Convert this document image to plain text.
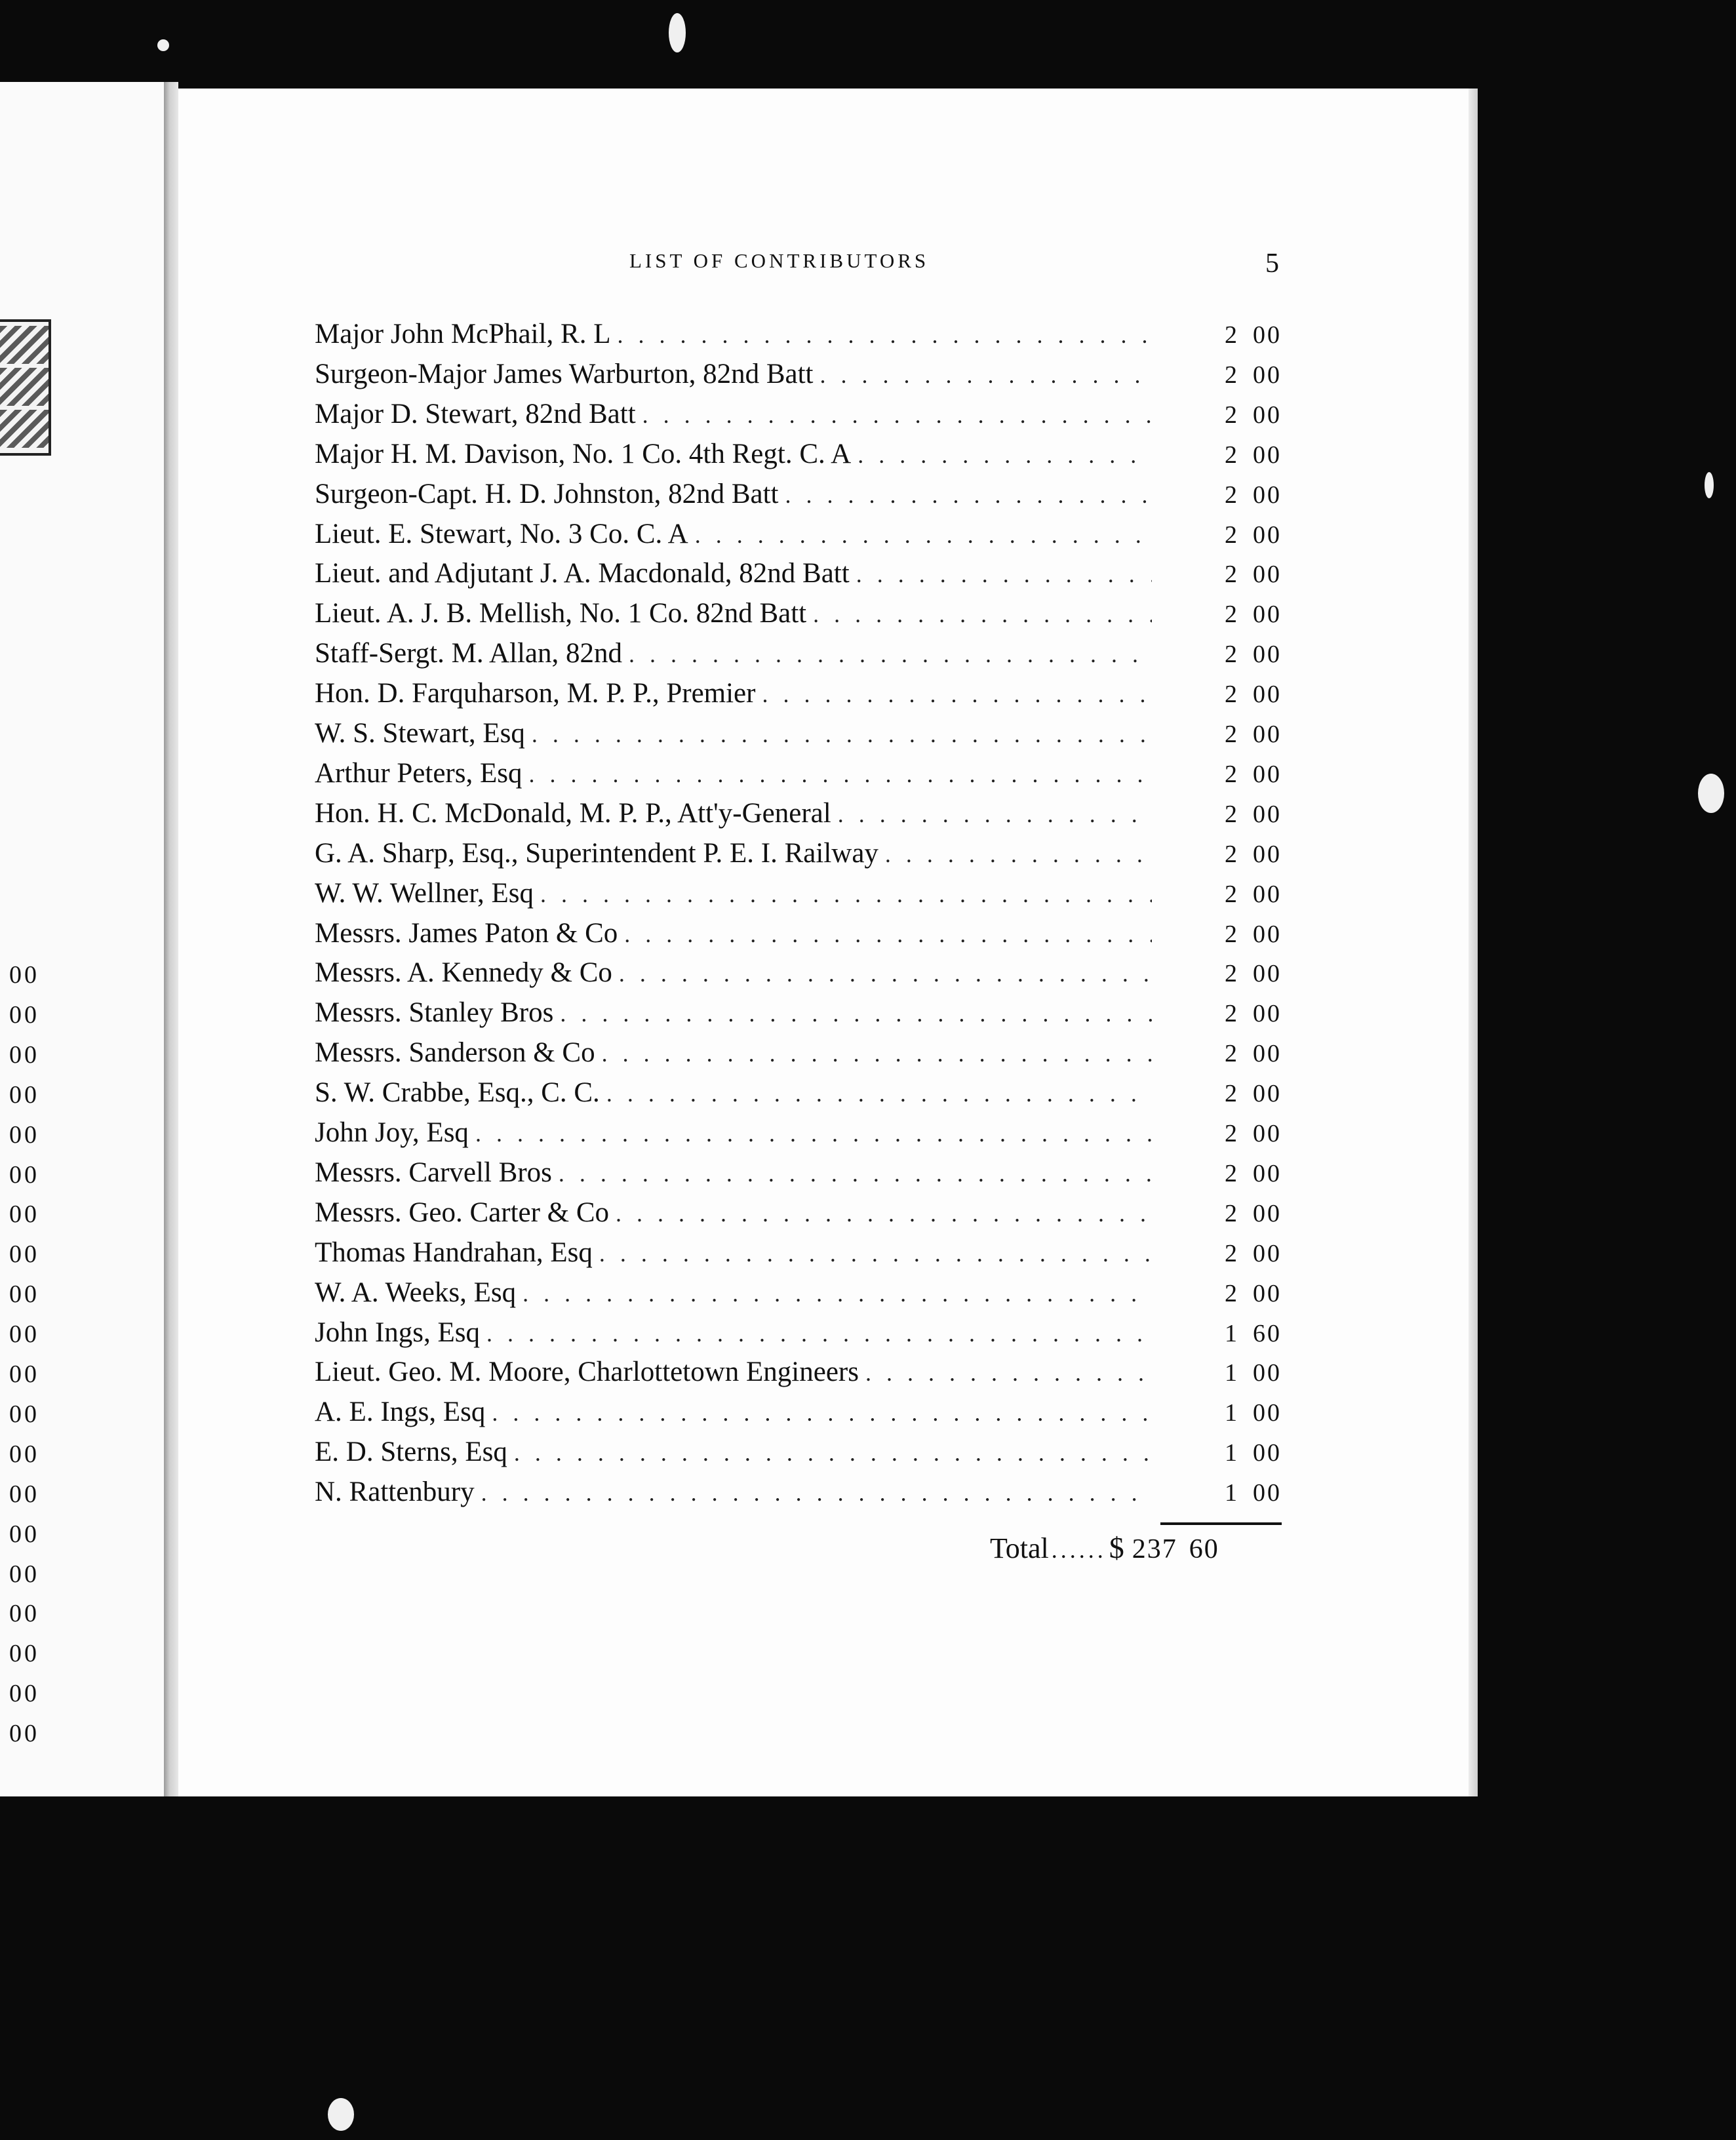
00
00
00
00
00
00
00
00
00
00
00
00
00
00
00
00
00
00
00
00
LIST OF CONTRIBUTORS	5
Major John McPhail, R. L . . .	2 00
Surgeon-Major James Warburton, 82nd Batt . . .	2 00
Major D. Stewart, 82nd Batt . . .	2 00
Major H. M. Davison, No. 1 Co. 4th Regt. C. A . . .	2 00
Surgeon-Capt. H. D. Johnston, 82nd Batt . . .	2 00
Lieut. E. Stewart, No. 3 Co. C. A . . .	2 00
Lieut. and Adjutant J. A. Macdonald, 82nd Batt . . .	2 00
Lieut. A. J. B. Mellish, No. 1 Co. 82nd Batt . . .	2 00
Staff-Sergt. M. Allan, 82nd . . .	2 00
Hon. D. Farquharson, M. P. P., Premier . . .	2 00
W. S. Stewart, Esq . . .	2 00
Arthur Peters, Esq . . .	2 00
Hon. H. C. McDonald, M. P. P., Att'y-General . . .	2 00
G. A. Sharp, Esq., Superintendent P. E. I. Railway . . .	2 00
W. W. Wellner, Esq . . .	2 00
Messrs. James Paton & Co . . .	2 00
Messrs. A. Kennedy & Co . . .	2 00
Messrs. Stanley Bros . . .	2 00
Messrs. Sanderson & Co . . .	2 00
S. W. Crabbe, Esq., C. C. . . .	2 00
John Joy, Esq . . .	2 00
Messrs. Carvell Bros . . .	2 00
Messrs. Geo. Carter & Co . . .	2 00
Thomas Handrahan, Esq . . .	2 00
W. A. Weeks, Esq . . .	2 00
John Ings, Esq . . .	1 60
Lieut. Geo. M. Moore, Charlottetown Engineers . . .	1 00
A. E. Ings, Esq . . .	1 00
E. D. Sterns, Esq . . .	1 00
N. Rattenbury . . .	1 00
Total ...... $ 237 60
